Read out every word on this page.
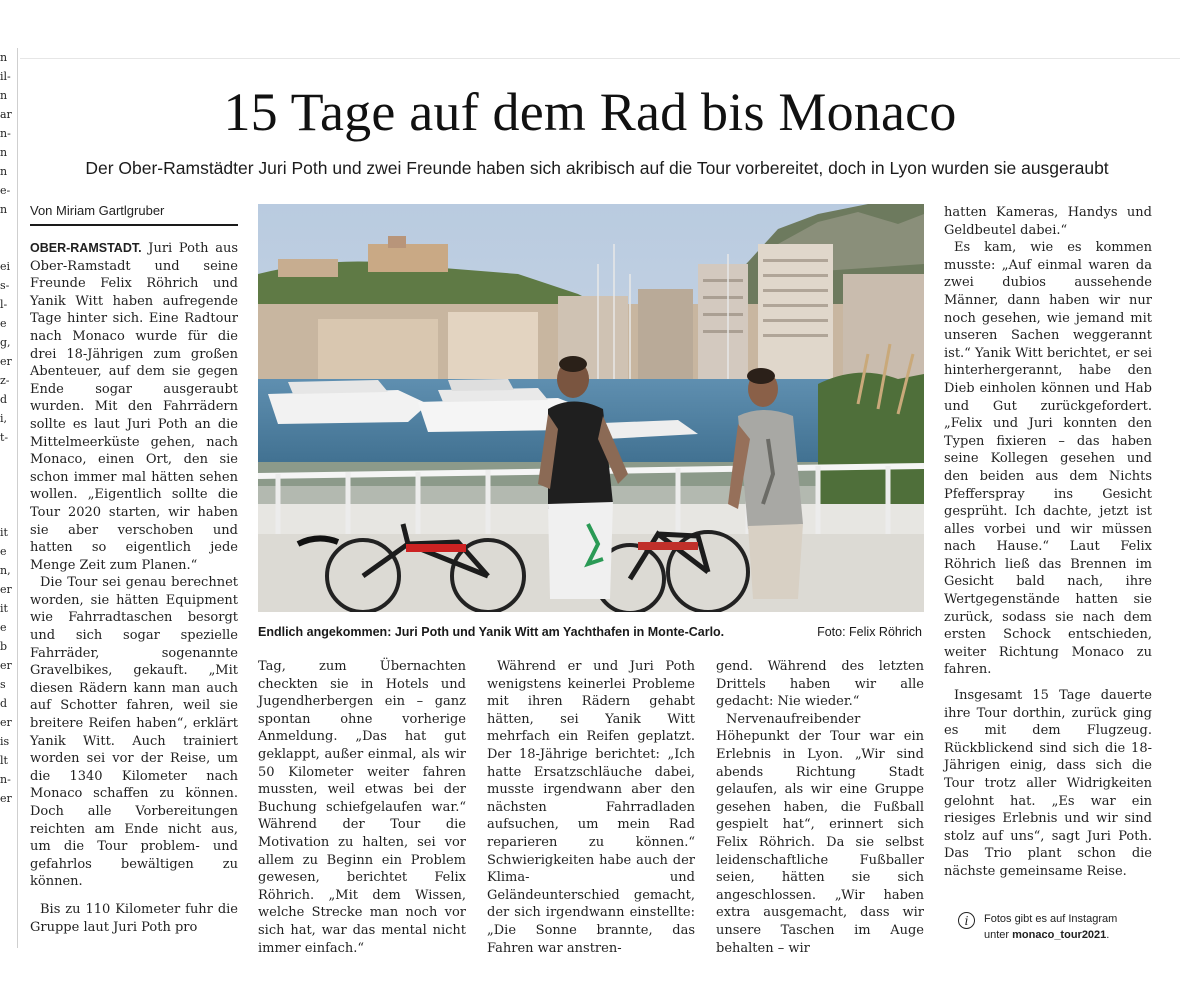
n
il-
n
ar
n-
n
n
e-
n

ei
s-
l-
e
g,
er
z-
d
i,
t-

it
e
n,
er
it
e
b
er
s
d
er
is
lt
n-
er
15 Tage auf dem Rad bis Monaco
Der Ober-Ramstädter Juri Poth und zwei Freunde haben sich akribisch auf die Tour vorbereitet, doch in Lyon wurden sie ausgeraubt
Von Miriam Gartlgruber

OBER-RAMSTADT. Juri Poth aus Ober-Ramstadt und seine Freunde Felix Röhrich und Yanik Witt haben aufregende Tage hinter sich. Eine Radtour nach Monaco wurde für die drei 18-Jährigen zum großen Abenteuer, auf dem sie gegen Ende sogar ausgeraubt wurden. Mit den Fahrrädern sollte es laut Juri Poth an die Mittelmeerküste gehen, nach Monaco, einen Ort, den sie schon immer mal hätten sehen wollen. „Eigentlich sollte die Tour 2020 starten, wir haben sie aber verschoben und hatten so eigentlich jede Menge Zeit zum Planen.“

Die Tour sei genau berechnet worden, sie hätten Equipment wie Fahrradtaschen besorgt und sich sogar spezielle Fahrräder, sogenannte Gravelbikes, gekauft. „Mit diesen Rädern kann man auch auf Schotter fahren, weil sie breitere Reifen haben“, erklärt Yanik Witt. Auch trainiert worden sei vor der Reise, um die 1340 Kilometer nach Monaco schaffen zu können. Doch alle Vorbereitungen reichten am Ende nicht aus, um die Tour problem- und gefahrlos bewältigen zu können.

Bis zu 110 Kilometer fuhr die Gruppe laut Juri Poth pro

Endlich angekommen: Juri Poth und Yanik Witt am Yachthafen in Monte-Carlo.	Foto: Felix Röhrich

Tag, zum Übernachten checkten sie in Hotels und Jugendherbergen ein – ganz spontan ohne vorherige Anmeldung. „Das hat gut geklappt, außer einmal, als wir 50 Kilometer weiter fahren mussten, weil etwas bei der Buchung schiefgelaufen war.“ Während der Tour die Motivation zu halten, sei vor allem zu Beginn ein Problem gewesen, berichtet Felix Röhrich. „Mit dem Wissen, welche Strecke man noch vor sich hat, war das mental nicht immer einfach.“

Während er und Juri Poth wenigstens keinerlei Probleme mit ihren Rädern gehabt hätten, sei Yanik Witt mehrfach ein Reifen geplatzt. Der 18-Jährige berichtet: „Ich hatte Ersatzschläuche dabei, musste irgendwann aber den nächsten Fahrradladen aufsuchen, um mein Rad reparieren zu können.“ Schwierigkeiten habe auch der Klima- und Geländeunterschied gemacht, der sich irgendwann einstellte: „Die Sonne brannte, das Fahren war anstren-

gend. Während des letzten Drittels haben wir alle gedacht: Nie wieder.“

Nervenaufreibender Höhepunkt der Tour war ein Erlebnis in Lyon. „Wir sind abends Richtung Stadt gelaufen, als wir eine Gruppe gesehen haben, die Fußball gespielt hat“, erinnert sich Felix Röhrich. Da sie selbst leidenschaftliche Fußballer seien, hätten sie sich angeschlossen. „Wir haben extra ausgemacht, dass wir unsere Taschen im Auge behalten – wir

hatten Kameras, Handys und Geldbeutel dabei.“

Es kam, wie es kommen musste: „Auf einmal waren da zwei dubios aussehende Männer, dann haben wir nur noch gesehen, wie jemand mit unseren Sachen weggerannt ist.“ Yanik Witt berichtet, er sei hinterhergerannt, habe den Dieb einholen können und Hab und Gut zurückgefordert. „Felix und Juri konnten den Typen fixieren – das haben seine Kollegen gesehen und den beiden aus dem Nichts Pfefferspray ins Gesicht gesprüht. Ich dachte, jetzt ist alles vorbei und wir müssen nach Hause.“ Laut Felix Röhrich ließ das Brennen im Gesicht bald nach, ihre Wertgegenstände hatten sie zurück, sodass sie nach dem ersten Schock entschieden, weiter Richtung Monaco zu fahren.

Insgesamt 15 Tage dauerte ihre Tour dorthin, zurück ging es mit dem Flugzeug. Rückblickend sind sich die 18-Jährigen einig, dass sich die Tour trotz aller Widrigkeiten gelohnt hat. „Es war ein riesiges Erlebnis und wir sind stolz auf uns“, sagt Juri Poth. Das Trio plant schon die nächste gemeinsame Reise.

i	Fotos gibt es auf Instagram
unter monaco_tour2021.
